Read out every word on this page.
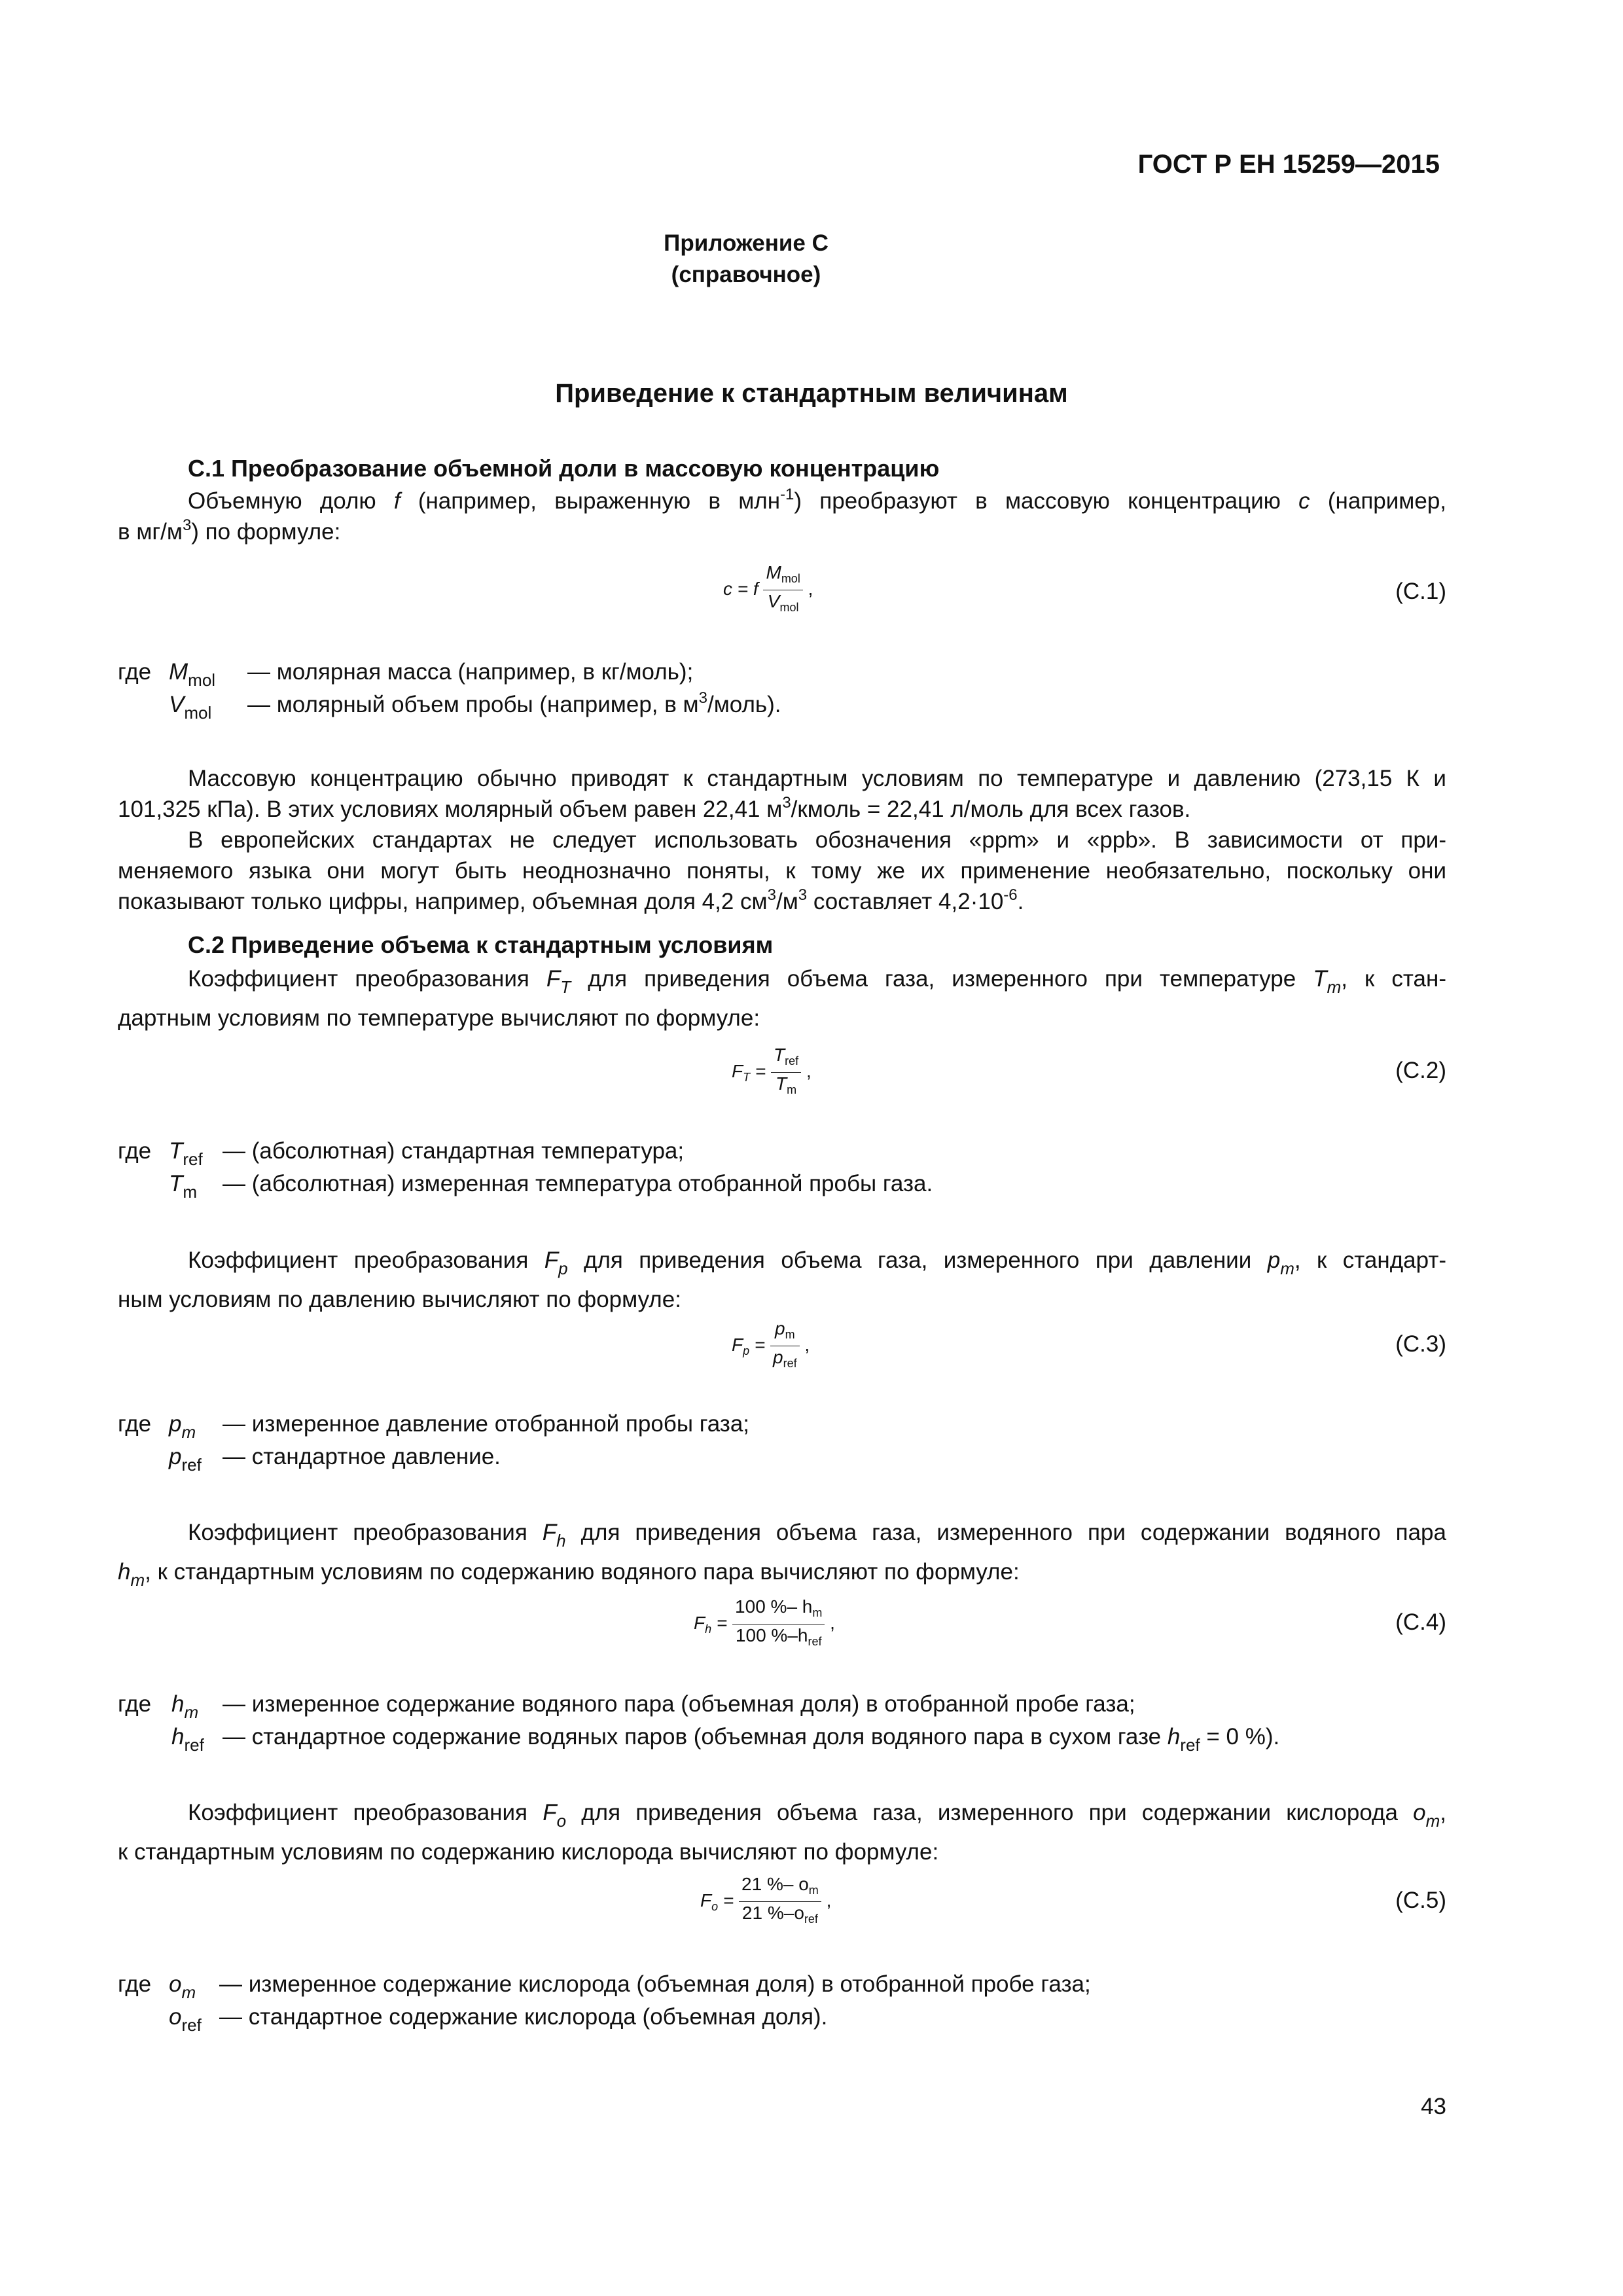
ГОСТ Р ЕН 15259—2015
Приложение С
(справочное)
Приведение к стандартным величинам
С.1 Преобразование объемной доли в массовую концентрацию

Объемную долю f (например, выраженную в млн$^{-1}$) преобразуют в массовую концентрацию с (например,

в $мг/м^3$) по формуле:

c = f $\frac{M_{mol}}{V_{mol}}$ ,	(C.1)
где $M_{mol}$ — молярная масса (например, в кг/моль);
$V_{mol}$ — молярный объем пробы (например, в $м^3/моль$).

Массовую концентрацию обычно приводят к стандартным условиям по температуре и давлению (273,15 К и

101,325 кПа). В этих условиях молярный объем равен 22,41 $м^3$/кмоль = 22,41 л/моль для всех газов.

В европейских стандартах не следует использовать обозначения «ppm» и «ppb». В зависимости от при-

меняемого языка они могут быть неоднозначно поняты, к тому же их применение необязательно, поскольку они

показывают только цифры, например, объемная доля 4,2 $см^3/м^3$ составляет $4,2\cdot 10^{-6}$.

С.2 Приведение объема к стандартным условиям

Коэффициент преобразования $F_T$ для приведения объема газа, измеренного при температуре $T_m$, к стан-

дартным условиям по температуре вычисляют по формуле:

$F_T = \frac{T_{ref}}{T_m}$ ,	(C.2)
где $T_{ref}$ — (абсолютная) стандартная температура;
$T_m$ — (абсолютная) измеренная температура отобранной пробы газа.

Коэффициент преобразования $F_p$ для приведения объема газа, измеренного при давлении $p_m$, к стандарт-

ным условиям по давлению вычисляют по формуле:

$F_p = \frac{p_m}{p_{ref}}$ ,	(C.3)
где $p_m$ — измеренное давление отобранной пробы газа;
$p_{ref}$ — стандартное давление.

Коэффициент преобразования $F_h$ для приведения объема газа, измеренного при содержании водяного пара

$h_m$, к стандартным условиям по содержанию водяного пара вычисляют по формуле:

$F_h = \frac{100 \%- h_m}{100 \%-h_{ref}}$ ,	(C.4)
где $h_m$ — измеренное содержание водяного пара (объемная доля) в отобранной пробе газа;
$h_{ref}$ — стандартное содержание водяных паров (объемная доля водяного пара в сухом газе $h_{ref} = 0$ %).

Коэффициент преобразования $F_o$ для приведения объема газа, измеренного при содержании кислорода $o_m$,

к стандартным условиям по содержанию кислорода вычисляют по формуле:

$F_o = \frac{21 \%- o_m}{21 \%-o_{ref}}$ ,	(C.5)
где $o_m$ — измеренное содержание кислорода (объемная доля) в отобранной пробе газа;
$o_{ref}$ — стандартное содержание кислорода (объемная доля).
43
